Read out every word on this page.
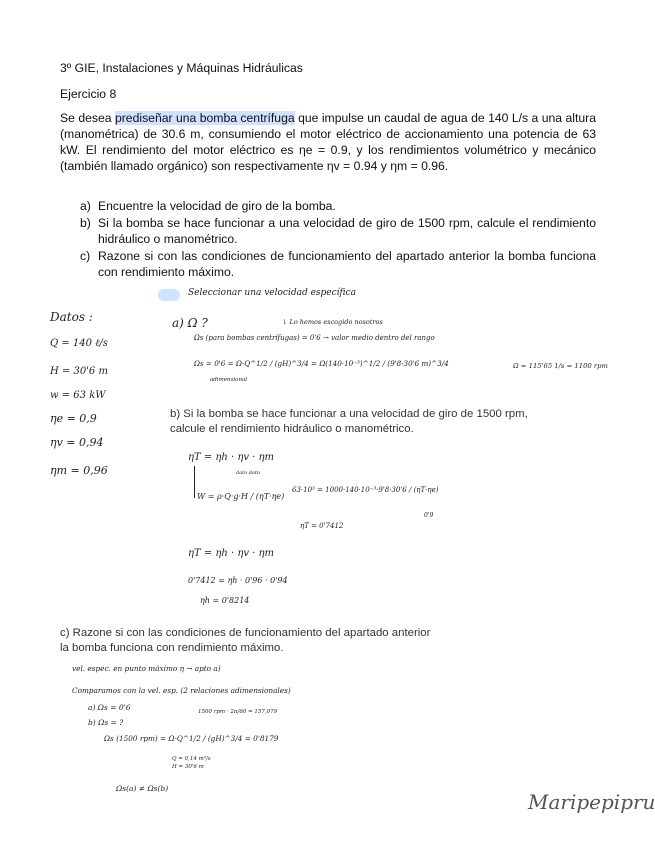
3º GIE, Instalaciones y Máquinas Hidráulicas
Ejercicio 8
Se desea prediseñar una bomba centrífuga que impulse un caudal de agua de 140 L/s a una altura (manométrica) de 30.6 m, consumiendo el motor eléctrico de accionamiento una potencia de 63 kW. El rendimiento del motor eléctrico es ηe = 0.9, y los rendimientos volumétrico y mecánico (también llamado orgánico) son respectivamente ηv = 0.94 y ηm = 0.96.
a) Encuentre la velocidad de giro de la bomba.
b) Si la bomba se hace funcionar a una velocidad de giro de 1500 rpm, calcule el rendimiento hidráulico o manométrico.
c) Razone si con las condiciones de funcionamiento del apartado anterior la bomba funciona con rendimiento máximo.
Seleccionar una velocidad específica
Datos :
Q = 140 ℓ/s
H = 30'6 m
w = 63 kW
ηe = 0,9
ηv = 0,94
ηm = 0,96
a) Ω ?	↓ Lo hemos escogido nosotros
Ωs (para bombas centrífugas) = 0'6 → valor medio dentro del rango
Ωs = 0'6 = Ω·Q^1/2 / (gH)^3/4 = Ω(140·10⁻³)^1/2 / (9'8·30'6 m)^3/4
adimensional
Ω = 115'65 1/s = 1100 rpm
b) Si la bomba se hace funcionar a una velocidad de giro de 1500 rpm, calcule el rendimiento hidráulico o manométrico.
ηT = ηh · ηv · ηm
dato dato
W = ρ·Q·g·H / (ηT·ηe)
63·10³ = 1000·140·10⁻³·9'8·30'6 / (ηT·ηe)
0'9
ηT = 0'7412
ηT = ηh · ηv · ηm
0'7412 = ηh · 0'96 · 0'94
ηh = 0'8214
c) Razone si con las condiciones de funcionamiento del apartado anterior la bomba funciona con rendimiento máximo.
vel. espec. en punto máximo η → apto a)
Comparamos con la vel. esp. (2 relaciones adimensionales)
a) Ωs = 0'6
b) Ωs = ?
1500 rpm · 2π/60 = 157,079
Ωs (1500 rpm) = Ω·Q^1/2 / (gH)^3/4 = 0'8179
Q = 0,14 m³/s
H = 30'6 m
Ωs(a) ≠ Ωs(b)
Maripepipru
